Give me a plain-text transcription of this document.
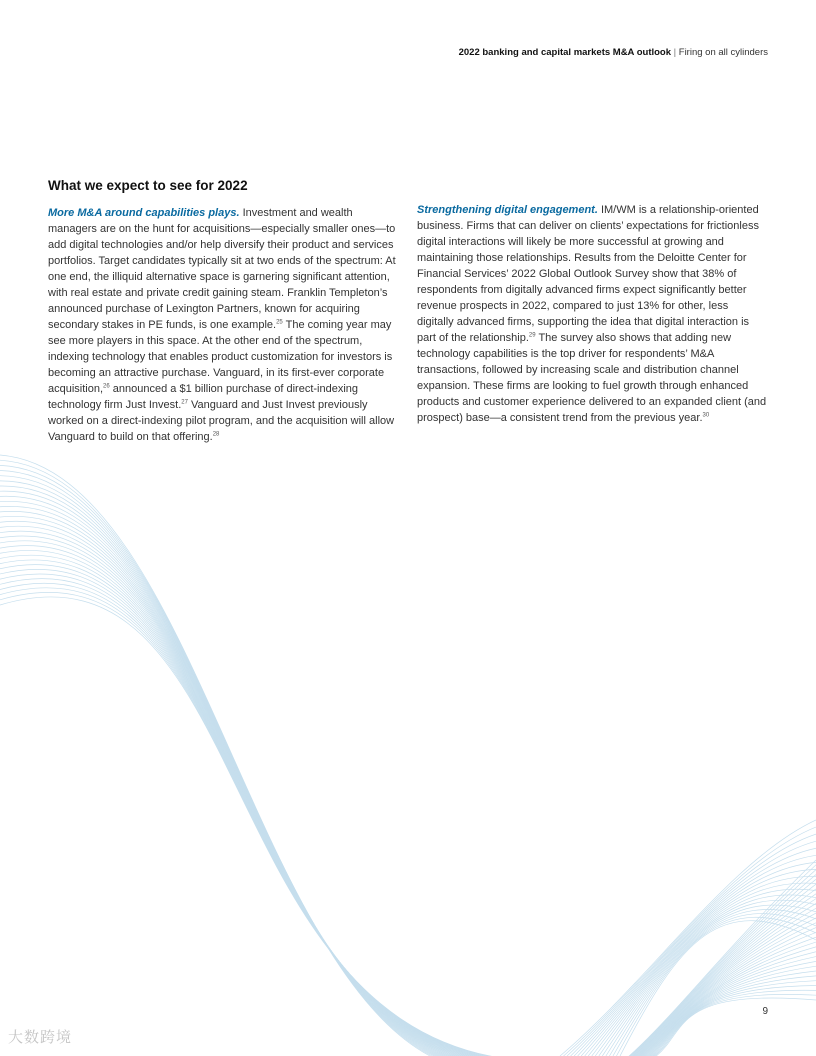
2022 banking and capital markets M&A outlook | Firing on all cylinders
What we expect to see for 2022

More M&A around capabilities plays. Investment and wealth managers are on the hunt for acquisitions—especially smaller ones—to add digital technologies and/or help diversify their product and services portfolios. Target candidates typically sit at two ends of the spectrum: At one end, the illiquid alternative space is garnering significant attention, with real estate and private credit gaining steam. Franklin Templeton’s announced purchase of Lexington Partners, known for acquiring secondary stakes in PE funds, is one example.$^{25}$ The coming year may see more players in this space. At the other end of the spectrum, indexing technology that enables product customization for investors is becoming an attractive purchase. Vanguard, in its first-ever corporate acquisition,$^{26}$ announced a $1 billion purchase of direct-indexing technology firm Just Invest.$^{27}$ Vanguard and Just Invest previously worked on a direct-indexing pilot program, and the acquisition will allow Vanguard to build on that offering.$^{28}$

Strengthening digital engagement. IM/WM is a relationship-oriented business. Firms that can deliver on clients’ expectations for frictionless digital interactions will likely be more successful at growing and maintaining those relationships. Results from the Deloitte Center for Financial Services’ 2022 Global Outlook Survey show that 38% of respondents from digitally advanced firms expect significantly better revenue prospects in 2022, compared to just 13% for other, less digitally advanced firms, supporting the idea that digital interaction is part of the relationship.$^{29}$ The survey also shows that adding new technology capabilities is the top driver for respondents’ M&A transactions, followed by increasing scale and distribution channel expansion. These firms are looking to fuel growth through enhanced products and customer experience delivered to an expanded client (and prospect) base—a consistent trend from the previous year.$^{30}$

9
大数跨境
